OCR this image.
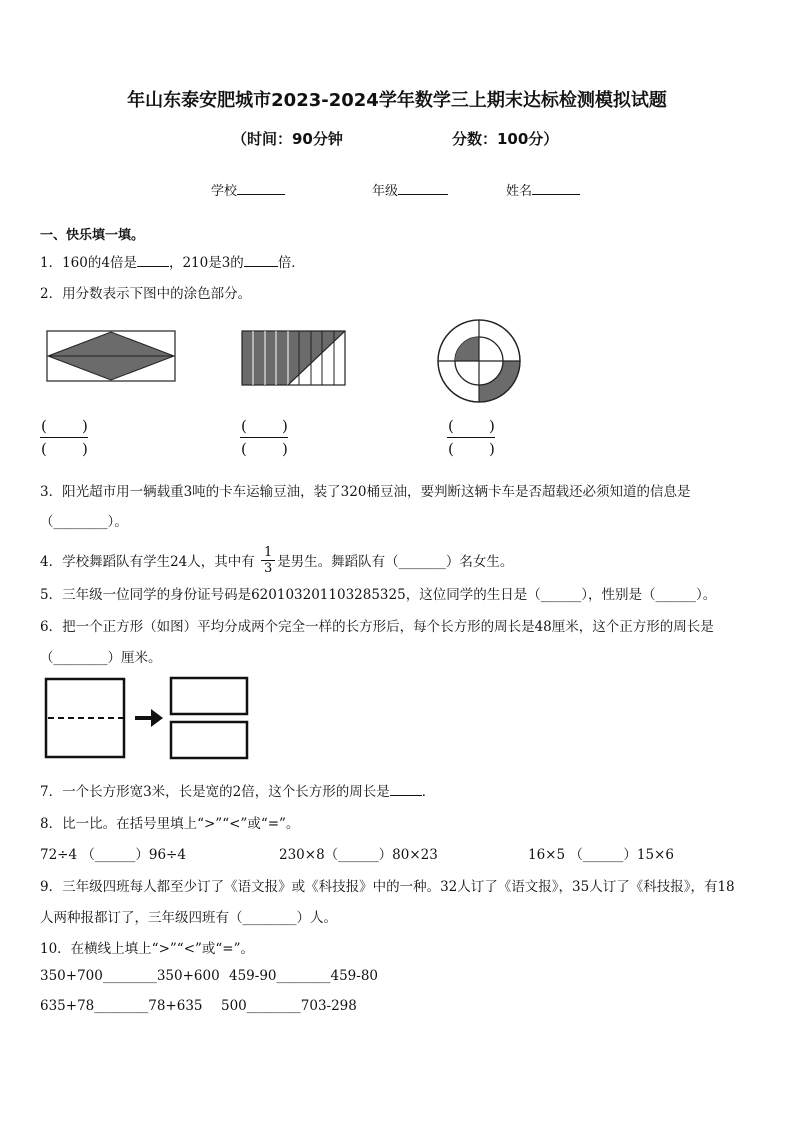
年山东泰安肥城市2023-2024学年数学三上期末达标检测模拟试题
（时间：90分钟	分数：100分）
学校	年级	姓名
一、快乐填一填。
1．160的4倍是 ，210是3的	倍．
2．用分数表示下图中的涂色部分。
( )
( )
( )
( )
( )
( )
3．阳光超市用一辆载重3吨的卡车运输豆油，装了320桶豆油，要判断这辆卡车是否超载还必须知道的信息是
（________）。
4．学校舞蹈队有学生24人，其中有 $\frac{1}{3}$ 是男生。舞蹈队有（_______）名女生。
5．三年级一位同学的身份证号码是620103201103285325，这位同学的生日是（______），性别是（______）。
6．把一个正方形（如图）平均分成两个完全一样的长方形后，每个长方形的周长是48厘米，这个正方形的周长是
（________）厘米。
7．一个长方形宽3米，长是宽的2倍，这个长方形的周长是 ．
8．比一比。在括号里填上“>”“<”或“=”。
72÷4 （______）96÷4	230×8（______）80×23	16×5 （______）15×6
9．三年级四班每人都至少订了《语文报》或《科技报》中的一种。32人订了《语文报》，35人订了《科技报》，有18
人两种报都订了，三年级四班有（________）人。
10．在横线上填上“>”“<”或“=”。
350+700________350+600 459-90________459-80
635+78________78+635 500________703-298
